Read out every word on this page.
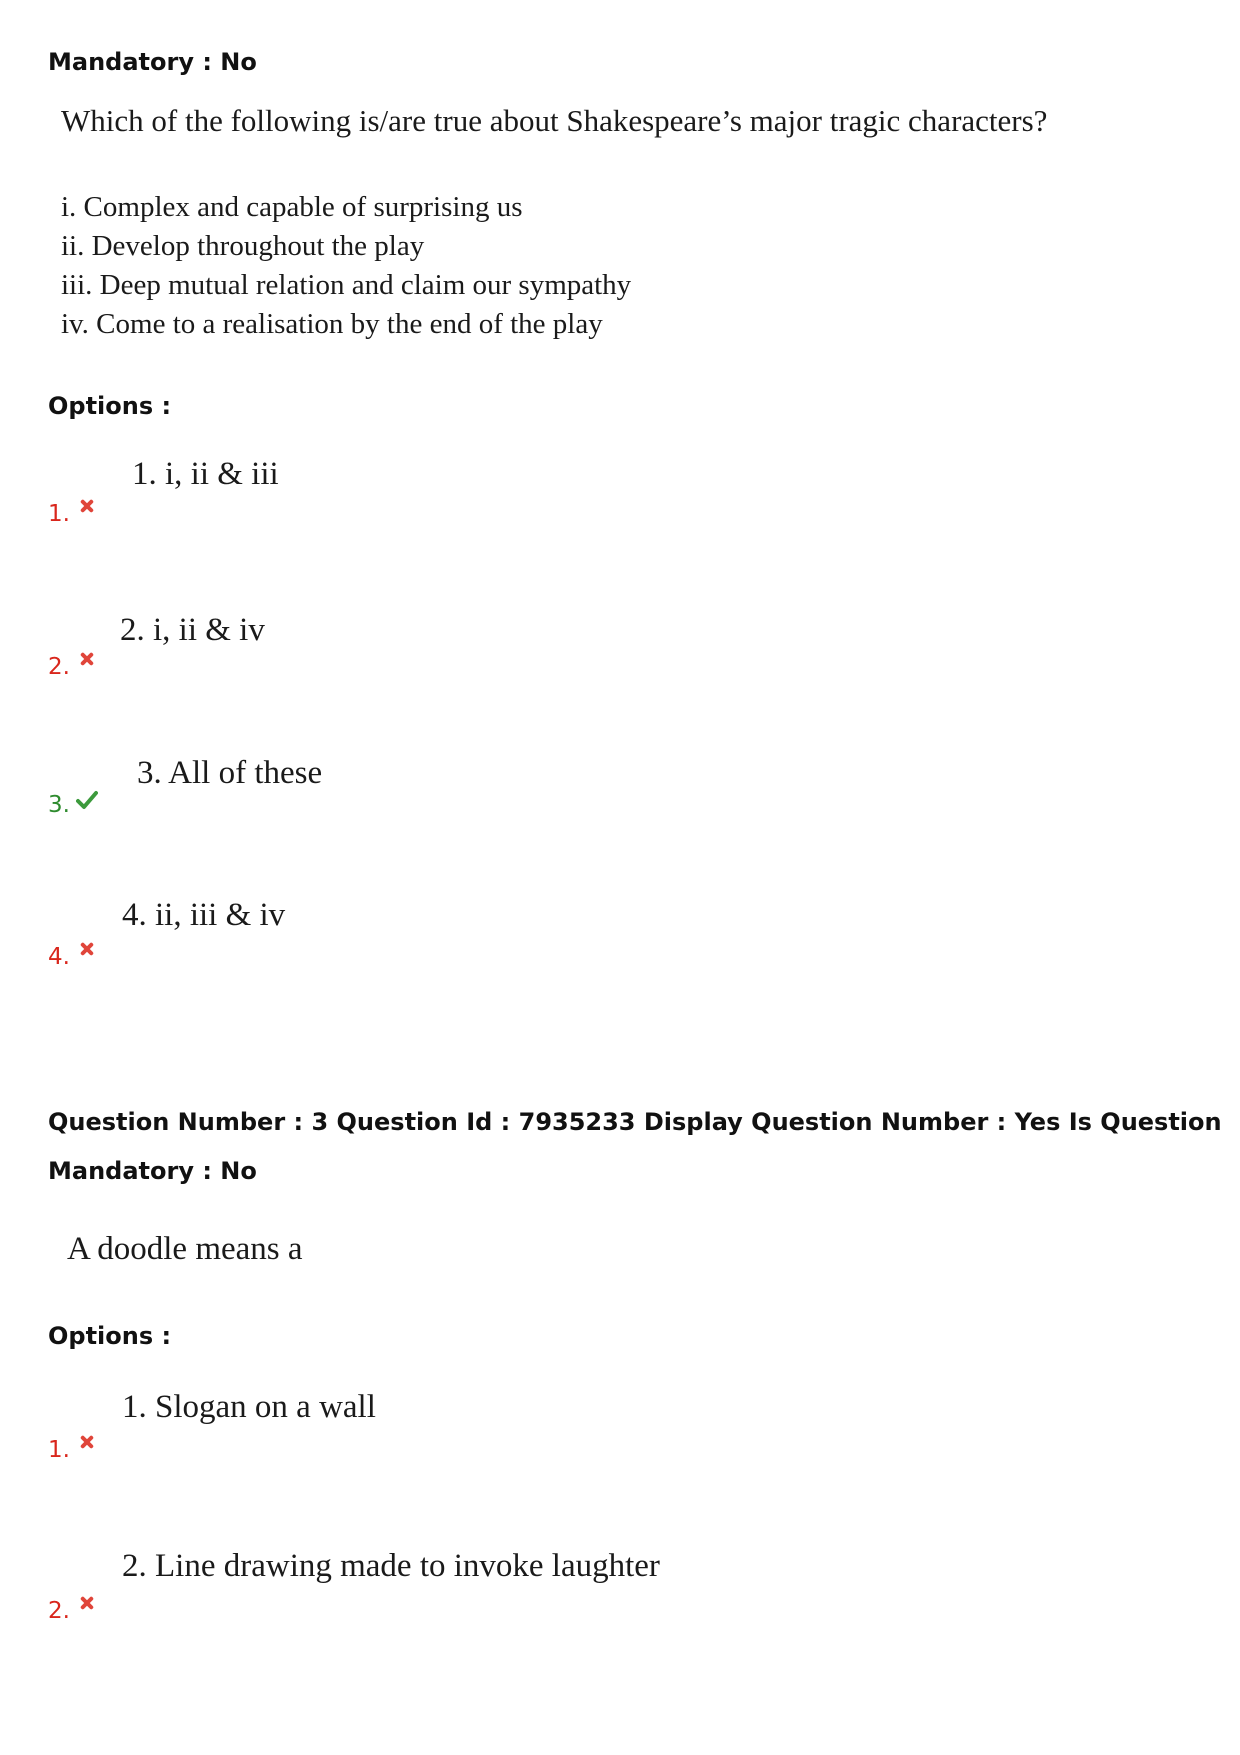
Mandatory : No
Which of the following is/are true about Shakespeare’s major tragic characters?
i. Complex and capable of surprising us
ii. Develop throughout the play
iii. Deep mutual relation and claim our sympathy
iv. Come to a realisation by the end of the play
Options :
1. i, ii & iii
1.
2. i, ii & iv
2.
3. All of these
3.
4. ii, iii & iv
4.
Question Number : 3 Question Id : 7935233 Display Question Number : Yes Is Question
Mandatory : No
A doodle means a
Options :
1. Slogan on a wall
1.
2. Line drawing made to invoke laughter
2.
